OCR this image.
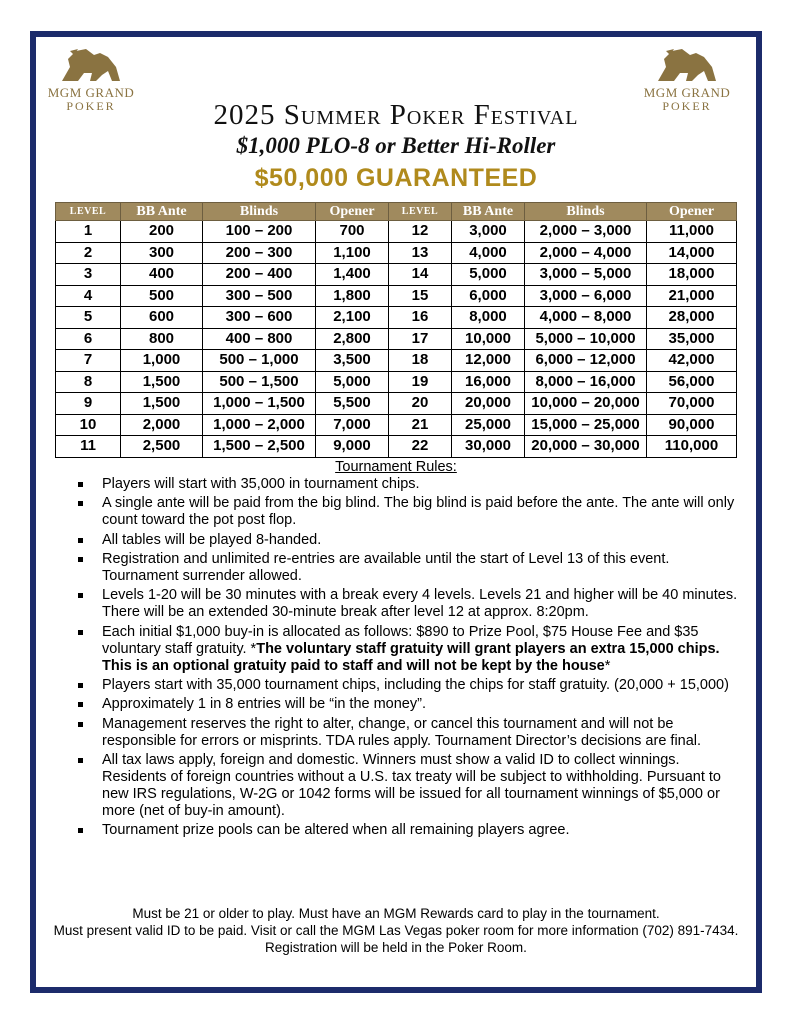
MGM GRAND
POKER
MGM GRAND
POKER
2025 Summer Poker Festival
$1,000 PLO-8 or Better Hi-Roller
$50,000 GUARANTEED
LEVEL	BB Ante	Blinds	Opener	LEVEL	BB Ante	Blinds	Opener
1	200	100 – 200	700	12	3,000	2,000 – 3,000	11,000
2	300	200 – 300	1,100	13	4,000	2,000 – 4,000	14,000
3	400	200 – 400	1,400	14	5,000	3,000 – 5,000	18,000
4	500	300 – 500	1,800	15	6,000	3,000 – 6,000	21,000
5	600	300 – 600	2,100	16	8,000	4,000 – 8,000	28,000
6	800	400 – 800	2,800	17	10,000	5,000 – 10,000	35,000
7	1,000	500 – 1,000	3,500	18	12,000	6,000 – 12,000	42,000
8	1,500	500 – 1,500	5,000	19	16,000	8,000 – 16,000	56,000
9	1,500	1,000 – 1,500	5,500	20	20,000	10,000 – 20,000	70,000
10	2,000	1,000 – 2,000	7,000	21	25,000	15,000 – 25,000	90,000
11	2,500	1,500 – 2,500	9,000	22	30,000	20,000 – 30,000	110,000
Tournament Rules:
Players will start with 35,000 in tournament chips.
A single ante will be paid from the big blind. The big blind is paid before the ante. The ante will only count toward the pot post flop.
All tables will be played 8-handed.
Registration and unlimited re-entries are available until the start of Level 13 of this event. Tournament surrender allowed.
Levels 1-20 will be 30 minutes with a break every 4 levels. Levels 21 and higher will be 40 minutes. There will be an extended 30-minute break after level 12 at approx. 8:20pm.
Each initial $1,000 buy-in is allocated as follows: $890 to Prize Pool, $75 House Fee and $35 voluntary staff gratuity. *The voluntary staff gratuity will grant players an extra 15,000 chips. This is an optional gratuity paid to staff and will not be kept by the house*
Players start with 35,000 tournament chips, including the chips for staff gratuity. (20,000 + 15,000)
Approximately 1 in 8 entries will be “in the money”.
Management reserves the right to alter, change, or cancel this tournament and will not be responsible for errors or misprints. TDA rules apply. Tournament Director’s decisions are final.
All tax laws apply, foreign and domestic. Winners must show a valid ID to collect winnings. Residents of foreign countries without a U.S. tax treaty will be subject to withholding. Pursuant to new IRS regulations, W-2G or 1042 forms will be issued for all tournament winnings of $5,000 or more (net of buy-in amount).
Tournament prize pools can be altered when all remaining players agree.
Must be 21 or older to play. Must have an MGM Rewards card to play in the tournament.
Must present valid ID to be paid. Visit or call the MGM Las Vegas poker room for more information (702) 891-7434. Registration will be held in the Poker Room.
